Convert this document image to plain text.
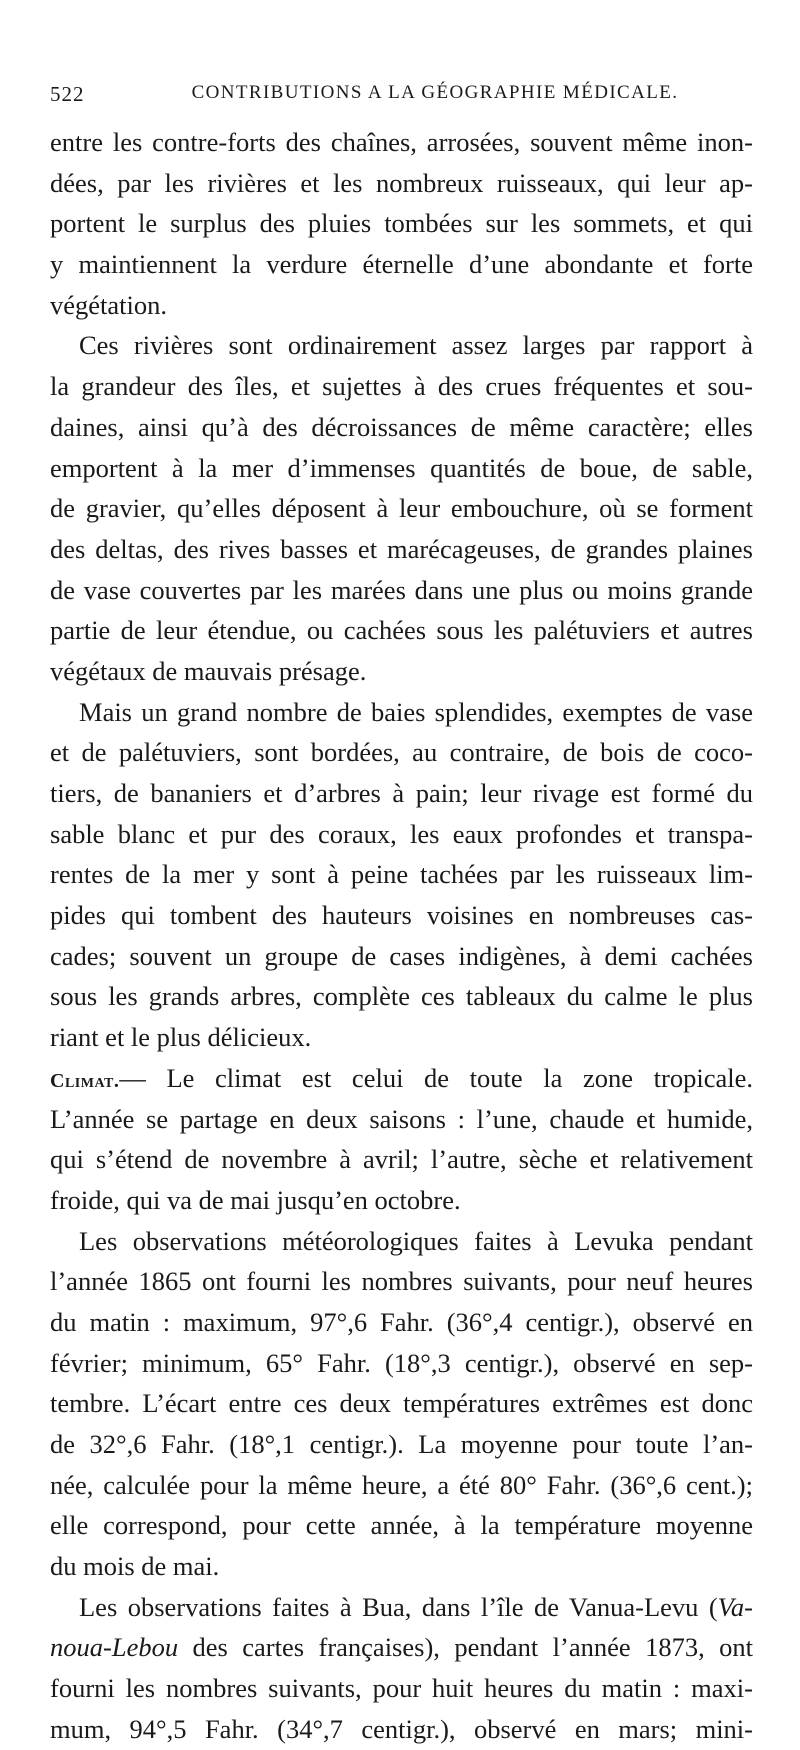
522	CONTRIBUTIONS A LA GÉOGRAPHIE MÉDICALE.
entre les contre-forts des chaînes, arrosées, souvent même inon-
dées, par les rivières et les nombreux ruisseaux, qui leur ap-
portent le surplus des pluies tombées sur les sommets, et qui
y maintiennent la verdure éternelle d’une abondante et forte
végétation.
Ces rivières sont ordinairement assez larges par rapport à
la grandeur des îles, et sujettes à des crues fréquentes et sou-
daines, ainsi qu’à des décroissances de même caractère; elles
emportent à la mer d’immenses quantités de boue, de sable,
de gravier, qu’elles déposent à leur embouchure, où se forment
des deltas, des rives basses et marécageuses, de grandes plaines
de vase couvertes par les marées dans une plus ou moins grande
partie de leur étendue, ou cachées sous les palétuviers et autres
végétaux de mauvais présage.
Mais un grand nombre de baies splendides, exemptes de vase
et de palétuviers, sont bordées, au contraire, de bois de coco-
tiers, de bananiers et d’arbres à pain; leur rivage est formé du
sable blanc et pur des coraux, les eaux profondes et transpa-
rentes de la mer y sont à peine tachées par les ruisseaux lim-
pides qui tombent des hauteurs voisines en nombreuses cas-
cades; souvent un groupe de cases indigènes, à demi cachées
sous les grands arbres, complète ces tableaux du calme le plus
riant et le plus délicieux.
Climat.— Le climat est celui de toute la zone tropicale.
L’année se partage en deux saisons : l’une, chaude et humide,
qui s’étend de novembre à avril; l’autre, sèche et relativement
froide, qui va de mai jusqu’en octobre.
Les observations météorologiques faites à Levuka pendant
l’année 1865 ont fourni les nombres suivants, pour neuf heures
du matin : maximum, 97°,6 Fahr. (36°,4 centigr.), observé en
février; minimum, 65° Fahr. (18°,3 centigr.), observé en sep-
tembre. L’écart entre ces deux températures extrêmes est donc
de 32°,6 Fahr. (18°,1 centigr.). La moyenne pour toute l’an-
née, calculée pour la même heure, a été 80° Fahr. (36°,6 cent.);
elle correspond, pour cette année, à la température moyenne
du mois de mai.
Les observations faites à Bua, dans l’île de Vanua-Levu (Va-
noua-Lebou des cartes françaises), pendant l’année 1873, ont
fourni les nombres suivants, pour huit heures du matin : maxi-
mum, 94°,5 Fahr. (34°,7 centigr.), observé en mars; mini-
